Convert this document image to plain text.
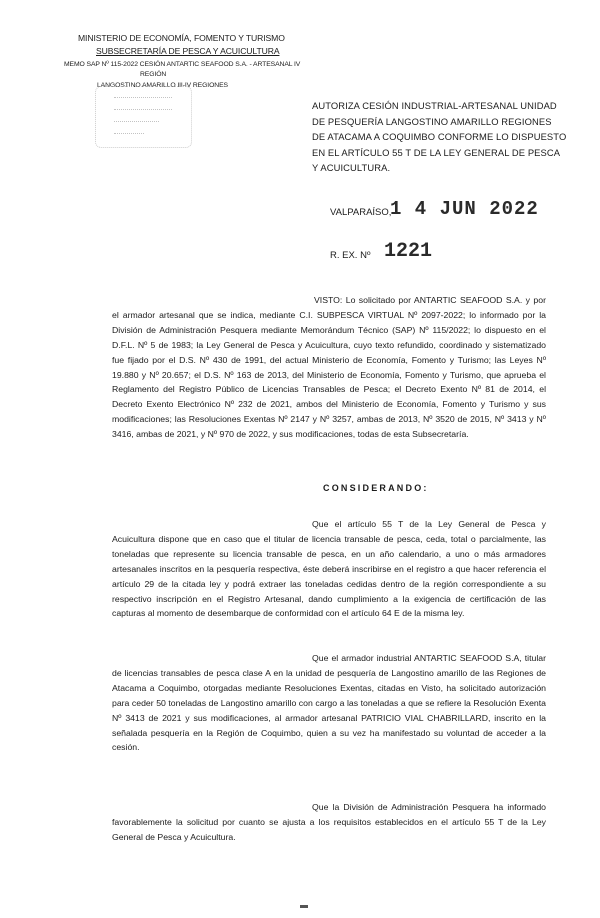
MINISTERIO DE ECONOMÍA, FOMENTO Y TURISMO
SUBSECRETARÍA DE PESCA Y ACUICULTURA
MEMO SAP Nº 115-2022 CESIÓN ANTARTIC SEAFOOD S.A. - ARTESANAL IV
REGIÓN
LANGOSTINO AMARILLO III-IV REGIONES
AUTORIZA CESIÓN INDUSTRIAL-ARTESANAL UNIDAD DE PESQUERÍA LANGOSTINO AMARILLO REGIONES DE ATACAMA A COQUIMBO CONFORME LO DISPUESTO EN EL ARTÍCULO 55 T DE LA LEY GENERAL DE PESCA Y ACUICULTURA.
VALPARAÍSO,
1 4 JUN 2022
R. EX. Nº 1221
VISTO: Lo solicitado por ANTARTIC SEAFOOD S.A. y por el armador artesanal que se indica, mediante C.I. SUBPESCA VIRTUAL Nº 2097-2022; lo informado por la División de Administración Pesquera mediante Memorándum Técnico (SAP) Nº 115/2022; lo dispuesto en el D.F.L. Nº 5 de 1983; la Ley General de Pesca y Acuicultura, cuyo texto refundido, coordinado y sistematizado fue fijado por el D.S. Nº 430 de 1991, del actual Ministerio de Economía, Fomento y Turismo; las Leyes Nº 19.880 y Nº 20.657; el D.S. Nº 163 de 2013, del Ministerio de Economía, Fomento y Turismo, que aprueba el Reglamento del Registro Público de Licencias Transables de Pesca; el Decreto Exento Nº 81 de 2014, el Decreto Exento Electrónico Nº 232 de 2021, ambos del Ministerio de Economía, Fomento y Turismo y sus modificaciones; las Resoluciones Exentas Nº 2147 y Nº 3257, ambas de 2013, Nº 3520 de 2015, Nº 3413 y Nº 3416, ambas de 2021, y Nº 970 de 2022, y sus modificaciones, todas de esta Subsecretaría.
CONSIDERANDO:
Que el artículo 55 T de la Ley General de Pesca y Acuicultura dispone que en caso que el titular de licencia transable de pesca, ceda, total o parcialmente, las toneladas que represente su licencia transable de pesca, en un año calendario, a uno o más armadores artesanales inscritos en la pesquería respectiva, éste deberá inscribirse en el registro a que hacer referencia el artículo 29 de la citada ley y podrá extraer las toneladas cedidas dentro de la región correspondiente a su respectivo inscripción en el Registro Artesanal, dando cumplimiento a la exigencia de certificación de las capturas al momento de desembarque de conformidad con el artículo 64 E de la misma ley.
Que el armador industrial ANTARTIC SEAFOOD S.A, titular de licencias transables de pesca clase A en la unidad de pesquería de Langostino amarillo de las Regiones de Atacama a Coquimbo, otorgadas mediante Resoluciones Exentas, citadas en Visto, ha solicitado autorización para ceder 50 toneladas de Langostino amarillo con cargo a las toneladas a que se refiere la Resolución Exenta Nº 3413 de 2021 y sus modificaciones, al armador artesanal PATRICIO VIAL CHABRILLARD, inscrito en la señalada pesquería en la Región de Coquimbo, quien a su vez ha manifestado su voluntad de acceder a la cesión.
Que la División de Administración Pesquera ha informado favorablemente la solicitud por cuanto se ajusta a los requisitos establecidos en el artículo 55 T de la Ley General de Pesca y Acuicultura.
